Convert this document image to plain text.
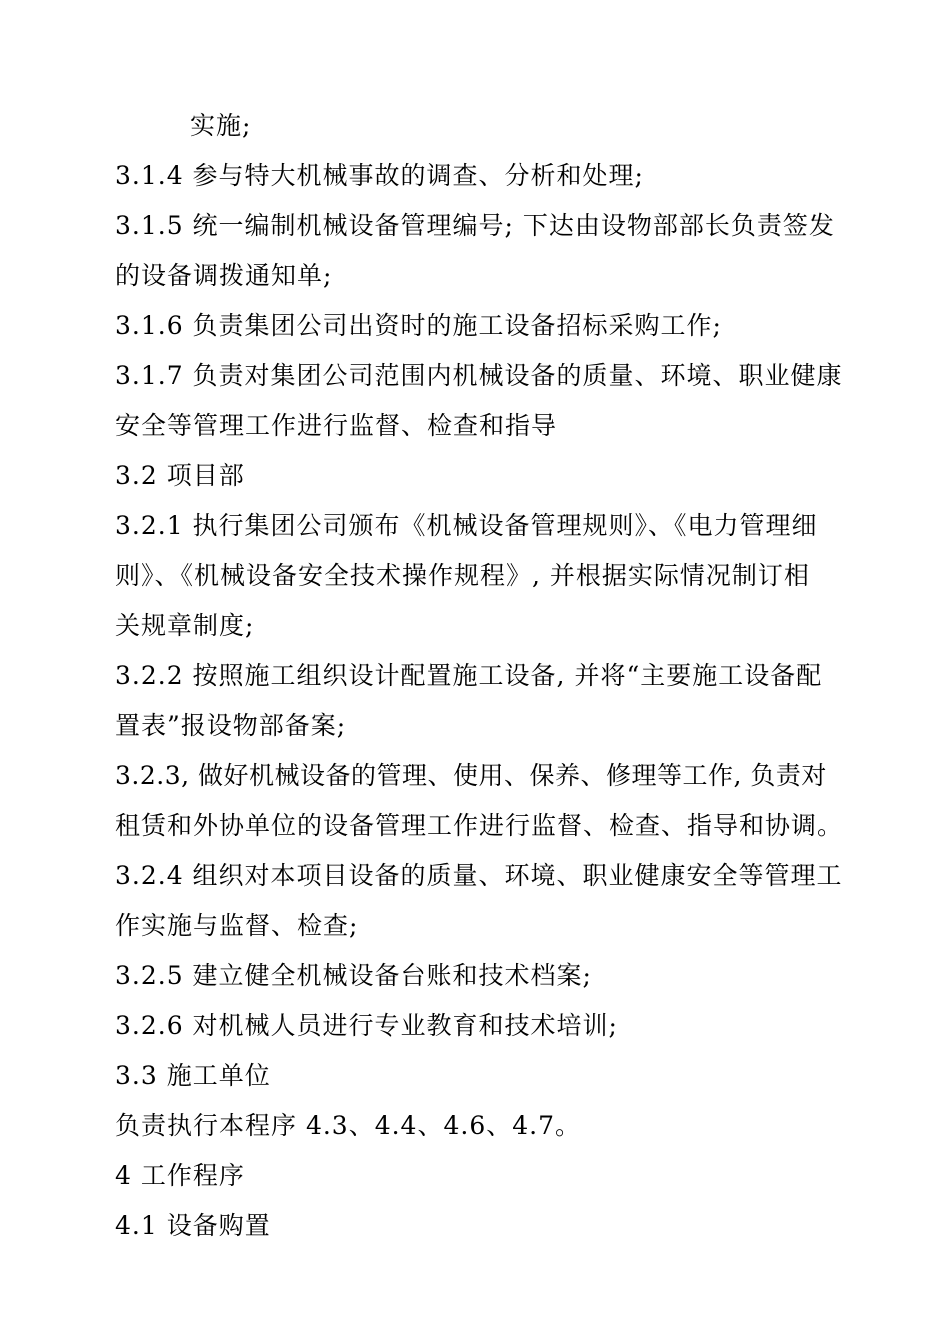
实施;
3.1.4 参与特大机械事故的调查、分析和处理;
3.1.5 统一编制机械设备管理编号; 下达由设物部部长负责签发
的设备调拨通知单;
3.1.6 负责集团公司出资时的施工设备招标采购工作;
3.1.7 负责对集团公司范围内机械设备的质量、环境、职业健康
安全等管理工作进行监督、检查和指导
3.2 项目部
3.2.1 执行集团公司颁布《机械设备管理规则》、《电力管理细
则》、《机械设备安全技术操作规程》, 并根据实际情况制订相
关规章制度;
3.2.2 按照施工组织设计配置施工设备, 并将“主要施工设备配
置表”报设物部备案;
3.2.3, 做好机械设备的管理、使用、保养、修理等工作, 负责对
租赁和外协单位的设备管理工作进行监督、检查、指导和协调。
3.2.4 组织对本项目设备的质量、环境、职业健康安全等管理工
作实施与监督、检查;
3.2.5 建立健全机械设备台账和技术档案;
3.2.6 对机械人员进行专业教育和技术培训;
3.3 施工单位
负责执行本程序 4.3、4.4、4.6、4.7。
4 工作程序
4.1 设备购置
